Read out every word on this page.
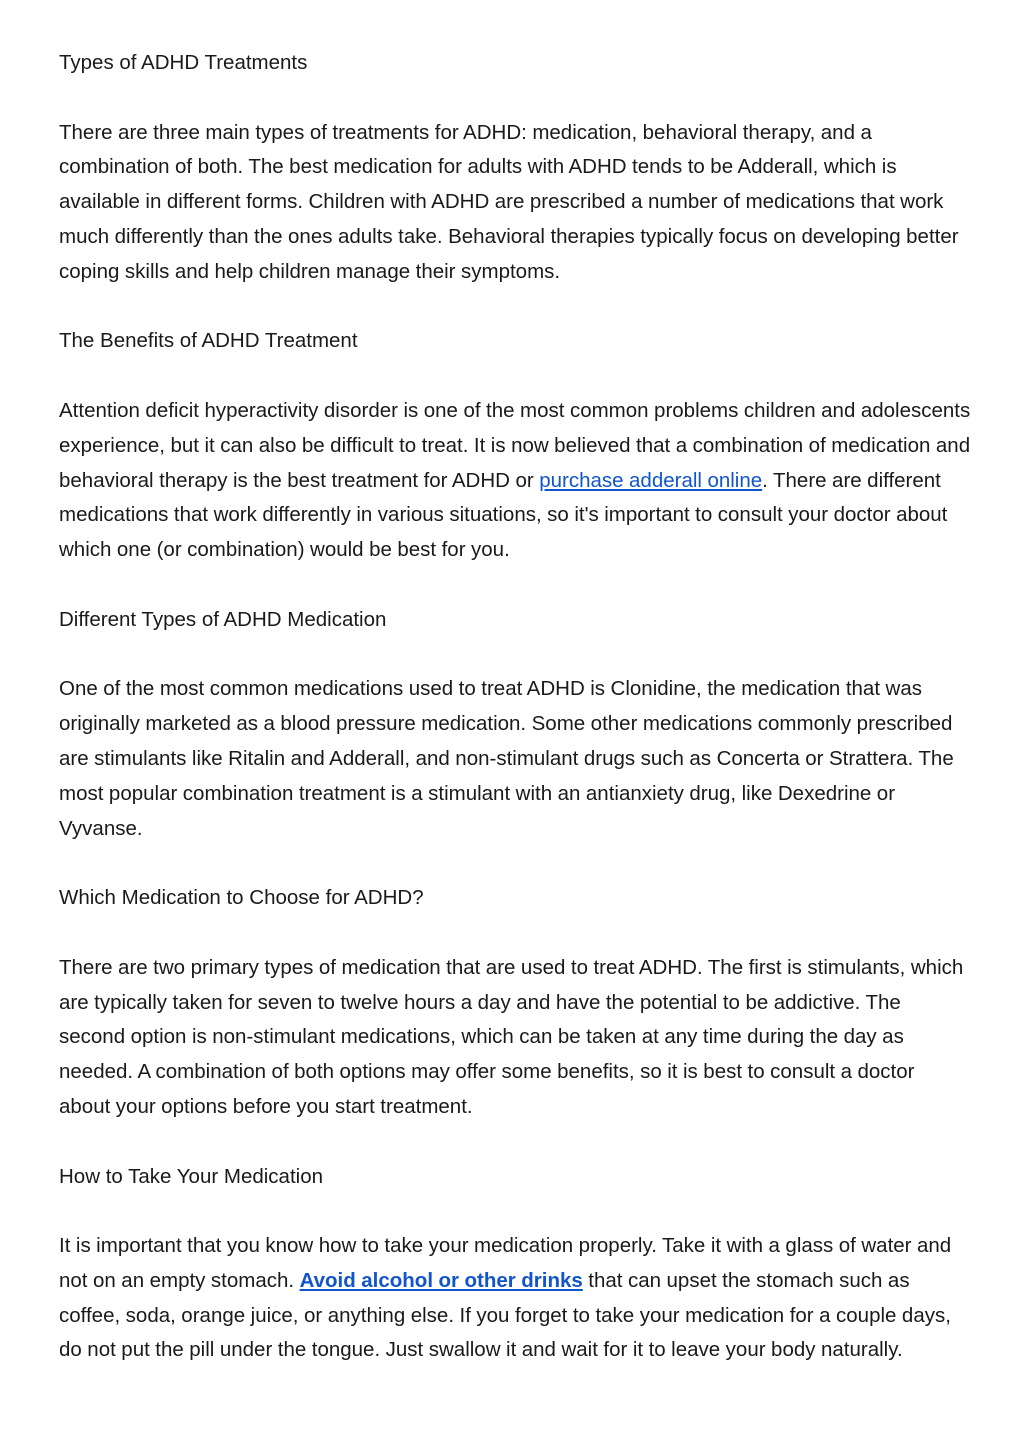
Types of ADHD Treatments

There are three main types of treatments for ADHD: medication, behavioral therapy, and a combination of both. The best medication for adults with ADHD tends to be Adderall, which is available in different forms. Children with ADHD are prescribed a number of medications that work much differently than the ones adults take. Behavioral therapies typically focus on developing better coping skills and help children manage their symptoms.

The Benefits of ADHD Treatment

Attention deficit hyperactivity disorder is one of the most common problems children and adolescents experience, but it can also be difficult to treat. It is now believed that a combination of medication and behavioral therapy is the best treatment for ADHD or purchase adderall online. There are different medications that work differently in various situations, so it's important to consult your doctor about which one (or combination) would be best for you.

Different Types of ADHD Medication

One of the most common medications used to treat ADHD is Clonidine, the medication that was originally marketed as a blood pressure medication. Some other medications commonly prescribed are stimulants like Ritalin and Adderall, and non-stimulant drugs such as Concerta or Strattera. The most popular combination treatment is a stimulant with an antianxiety drug, like Dexedrine or Vyvanse.

Which Medication to Choose for ADHD?

There are two primary types of medication that are used to treat ADHD. The first is stimulants, which are typically taken for seven to twelve hours a day and have the potential to be addictive. The second option is non-stimulant medications, which can be taken at any time during the day as needed. A combination of both options may offer some benefits, so it is best to consult a doctor about your options before you start treatment.

How to Take Your Medication

It is important that you know how to take your medication properly. Take it with a glass of water and not on an empty stomach. Avoid alcohol or other drinks that can upset the stomach such as coffee, soda, orange juice, or anything else. If you forget to take your medication for a couple days, do not put the pill under the tongue. Just swallow it and wait for it to leave your body naturally.
